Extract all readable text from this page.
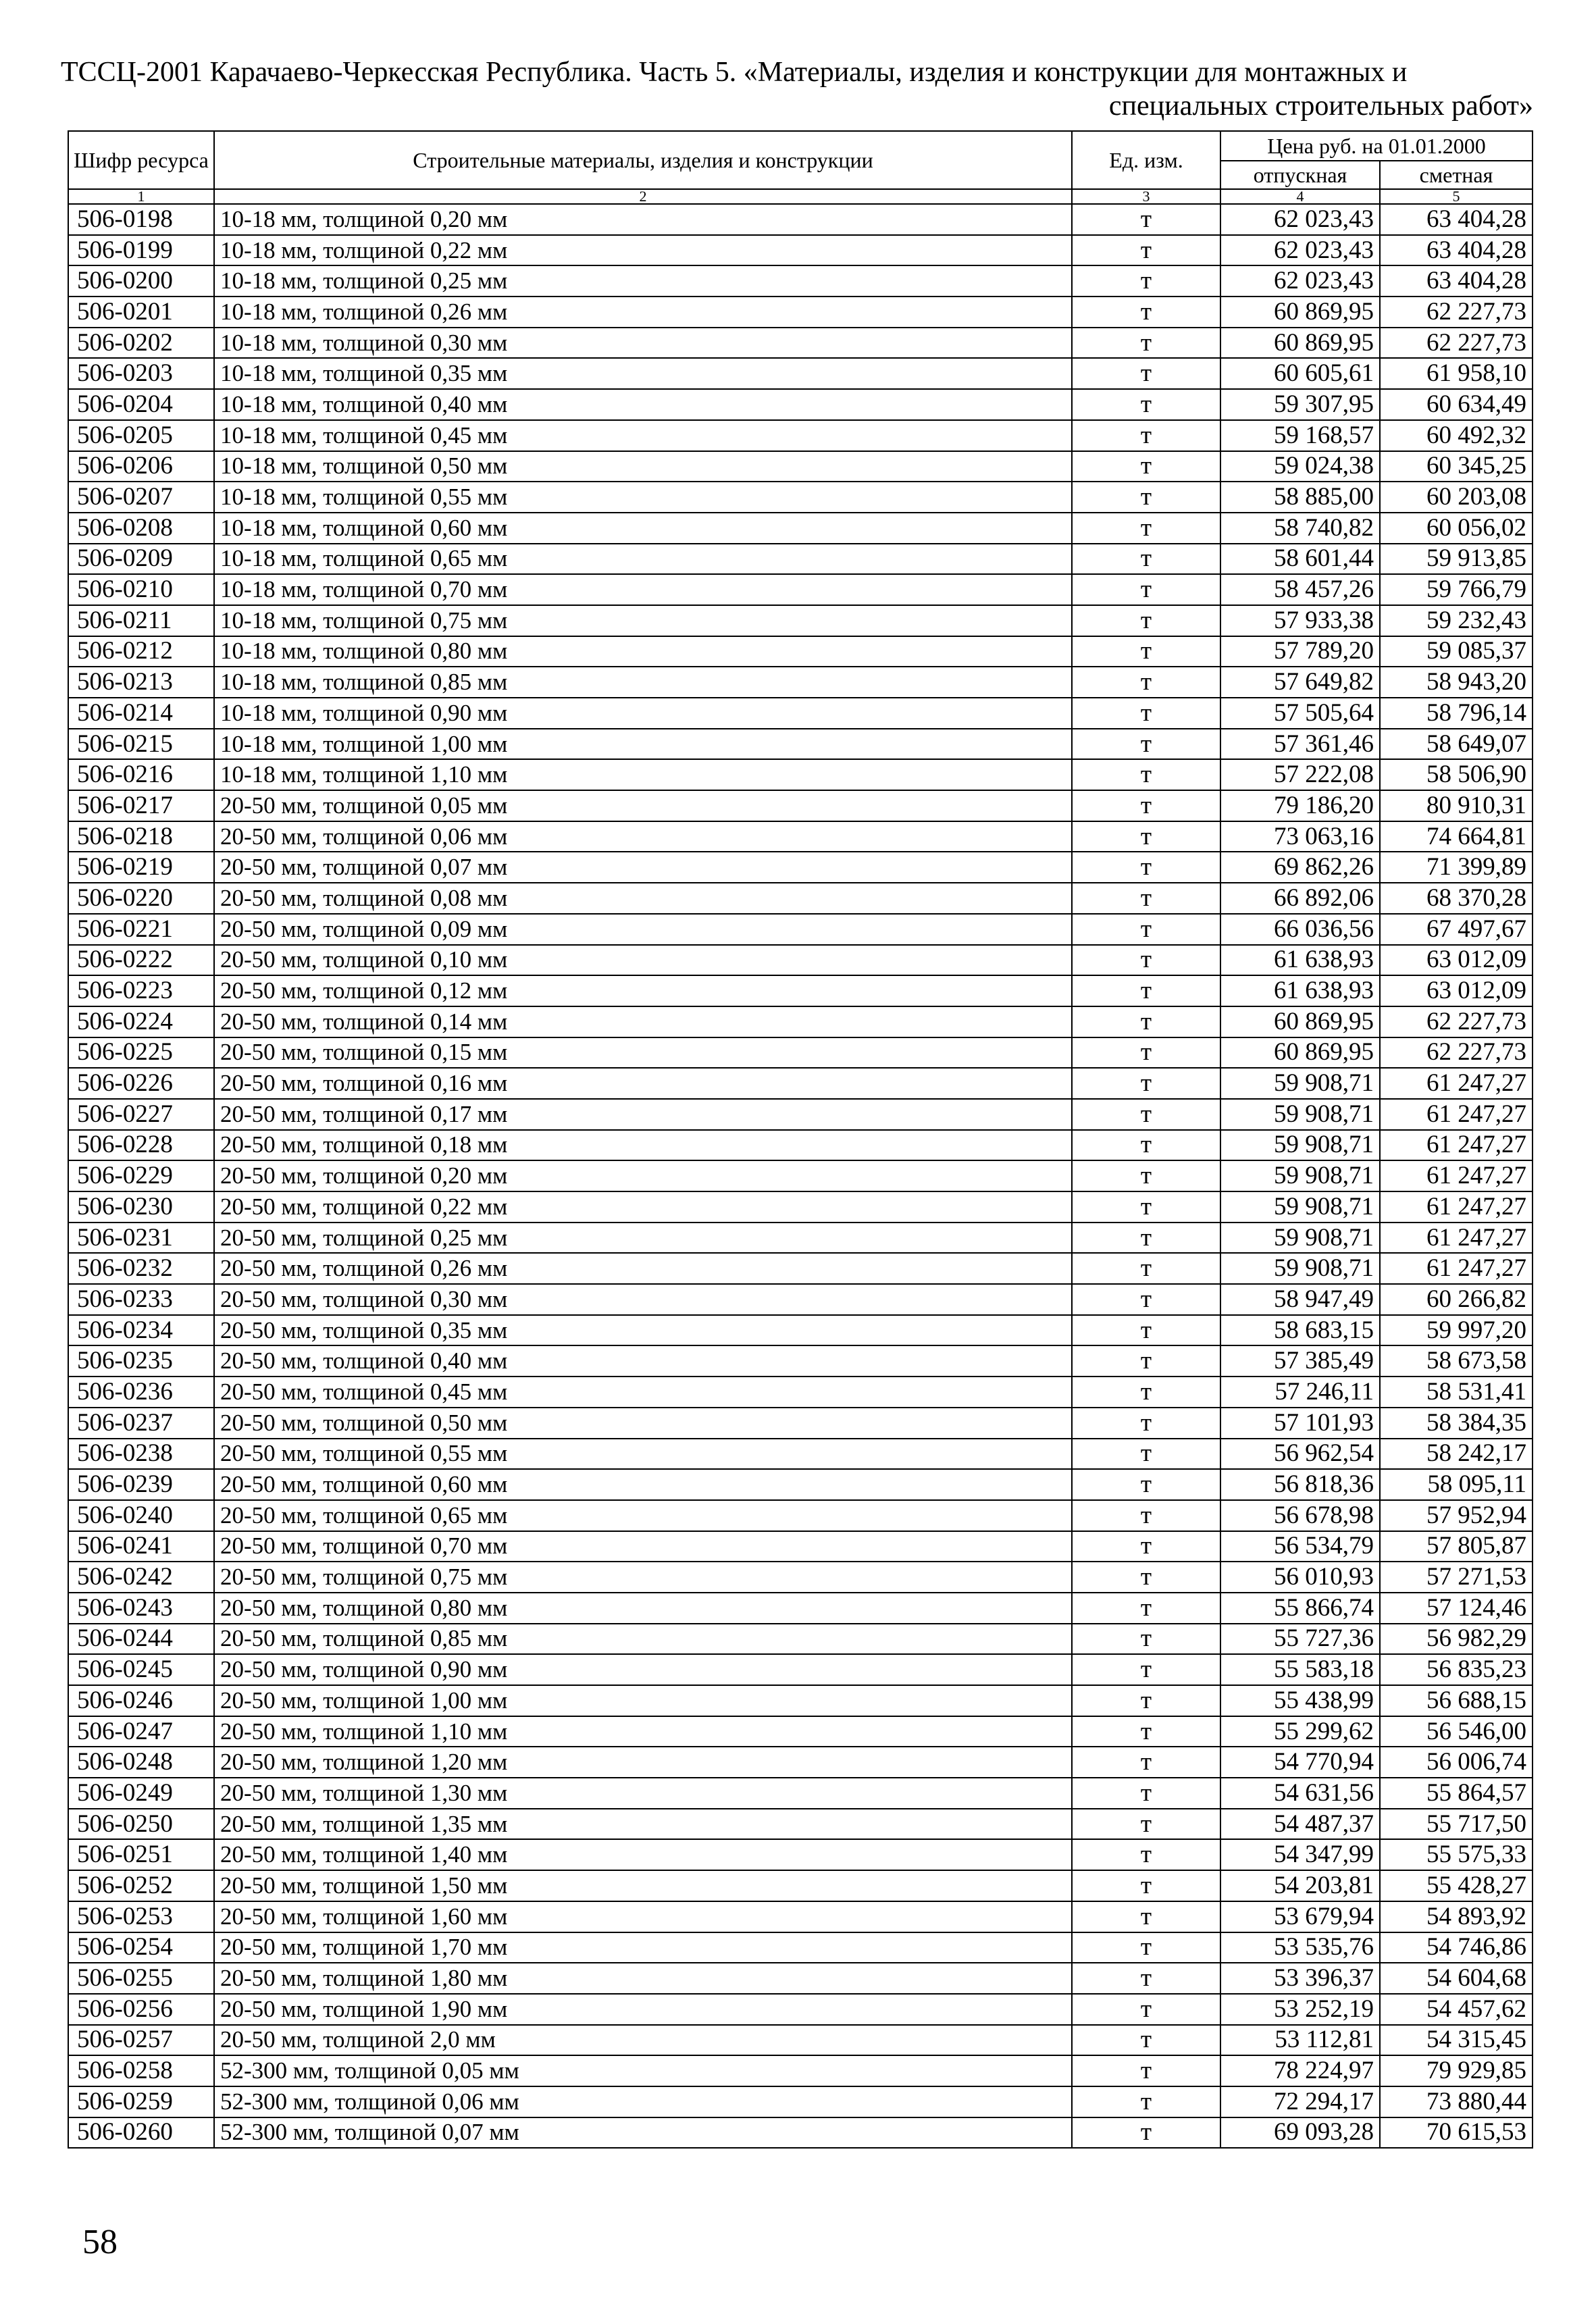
ТССЦ-2001 Карачаево-Черкесская Республика. Часть 5. «Материалы, изделия и конструкции для монтажных и
специальных строительных работ»
Шифр ресурса	Строительные материалы, изделия и конструкции	Ед. изм.	Цена руб. на 01.01.2000	
			отпускная	сметная
1	2	3	4	5
506-0198	10-18 мм, толщиной 0,20 мм	т	62 023,43	63 404,28
506-0199	10-18 мм, толщиной 0,22 мм	т	62 023,43	63 404,28
506-0200	10-18 мм, толщиной 0,25 мм	т	62 023,43	63 404,28
506-0201	10-18 мм, толщиной 0,26 мм	т	60 869,95	62 227,73
506-0202	10-18 мм, толщиной 0,30 мм	т	60 869,95	62 227,73
506-0203	10-18 мм, толщиной 0,35 мм	т	60 605,61	61 958,10
506-0204	10-18 мм, толщиной 0,40 мм	т	59 307,95	60 634,49
506-0205	10-18 мм, толщиной 0,45 мм	т	59 168,57	60 492,32
506-0206	10-18 мм, толщиной 0,50 мм	т	59 024,38	60 345,25
506-0207	10-18 мм, толщиной 0,55 мм	т	58 885,00	60 203,08
506-0208	10-18 мм, толщиной 0,60 мм	т	58 740,82	60 056,02
506-0209	10-18 мм, толщиной 0,65 мм	т	58 601,44	59 913,85
506-0210	10-18 мм, толщиной 0,70 мм	т	58 457,26	59 766,79
506-0211	10-18 мм, толщиной 0,75 мм	т	57 933,38	59 232,43
506-0212	10-18 мм, толщиной 0,80 мм	т	57 789,20	59 085,37
506-0213	10-18 мм, толщиной 0,85 мм	т	57 649,82	58 943,20
506-0214	10-18 мм, толщиной 0,90 мм	т	57 505,64	58 796,14
506-0215	10-18 мм, толщиной 1,00 мм	т	57 361,46	58 649,07
506-0216	10-18 мм, толщиной 1,10 мм	т	57 222,08	58 506,90
506-0217	20-50 мм, толщиной 0,05 мм	т	79 186,20	80 910,31
506-0218	20-50 мм, толщиной 0,06 мм	т	73 063,16	74 664,81
506-0219	20-50 мм, толщиной 0,07 мм	т	69 862,26	71 399,89
506-0220	20-50 мм, толщиной 0,08 мм	т	66 892,06	68 370,28
506-0221	20-50 мм, толщиной 0,09 мм	т	66 036,56	67 497,67
506-0222	20-50 мм, толщиной 0,10 мм	т	61 638,93	63 012,09
506-0223	20-50 мм, толщиной 0,12 мм	т	61 638,93	63 012,09
506-0224	20-50 мм, толщиной 0,14 мм	т	60 869,95	62 227,73
506-0225	20-50 мм, толщиной 0,15 мм	т	60 869,95	62 227,73
506-0226	20-50 мм, толщиной 0,16 мм	т	59 908,71	61 247,27
506-0227	20-50 мм, толщиной 0,17 мм	т	59 908,71	61 247,27
506-0228	20-50 мм, толщиной 0,18 мм	т	59 908,71	61 247,27
506-0229	20-50 мм, толщиной 0,20 мм	т	59 908,71	61 247,27
506-0230	20-50 мм, толщиной 0,22 мм	т	59 908,71	61 247,27
506-0231	20-50 мм, толщиной 0,25 мм	т	59 908,71	61 247,27
506-0232	20-50 мм, толщиной 0,26 мм	т	59 908,71	61 247,27
506-0233	20-50 мм, толщиной 0,30 мм	т	58 947,49	60 266,82
506-0234	20-50 мм, толщиной 0,35 мм	т	58 683,15	59 997,20
506-0235	20-50 мм, толщиной 0,40 мм	т	57 385,49	58 673,58
506-0236	20-50 мм, толщиной 0,45 мм	т	57 246,11	58 531,41
506-0237	20-50 мм, толщиной 0,50 мм	т	57 101,93	58 384,35
506-0238	20-50 мм, толщиной 0,55 мм	т	56 962,54	58 242,17
506-0239	20-50 мм, толщиной 0,60 мм	т	56 818,36	58 095,11
506-0240	20-50 мм, толщиной 0,65 мм	т	56 678,98	57 952,94
506-0241	20-50 мм, толщиной 0,70 мм	т	56 534,79	57 805,87
506-0242	20-50 мм, толщиной 0,75 мм	т	56 010,93	57 271,53
506-0243	20-50 мм, толщиной 0,80 мм	т	55 866,74	57 124,46
506-0244	20-50 мм, толщиной 0,85 мм	т	55 727,36	56 982,29
506-0245	20-50 мм, толщиной 0,90 мм	т	55 583,18	56 835,23
506-0246	20-50 мм, толщиной 1,00 мм	т	55 438,99	56 688,15
506-0247	20-50 мм, толщиной 1,10 мм	т	55 299,62	56 546,00
506-0248	20-50 мм, толщиной 1,20 мм	т	54 770,94	56 006,74
506-0249	20-50 мм, толщиной 1,30 мм	т	54 631,56	55 864,57
506-0250	20-50 мм, толщиной 1,35 мм	т	54 487,37	55 717,50
506-0251	20-50 мм, толщиной 1,40 мм	т	54 347,99	55 575,33
506-0252	20-50 мм, толщиной 1,50 мм	т	54 203,81	55 428,27
506-0253	20-50 мм, толщиной 1,60 мм	т	53 679,94	54 893,92
506-0254	20-50 мм, толщиной 1,70 мм	т	53 535,76	54 746,86
506-0255	20-50 мм, толщиной 1,80 мм	т	53 396,37	54 604,68
506-0256	20-50 мм, толщиной 1,90 мм	т	53 252,19	54 457,62
506-0257	20-50 мм, толщиной 2,0 мм	т	53 112,81	54 315,45
506-0258	52-300 мм, толщиной 0,05 мм	т	78 224,97	79 929,85
506-0259	52-300 мм, толщиной 0,06 мм	т	72 294,17	73 880,44
506-0260	52-300 мм, толщиной 0,07 мм	т	69 093,28	70 615,53
58
